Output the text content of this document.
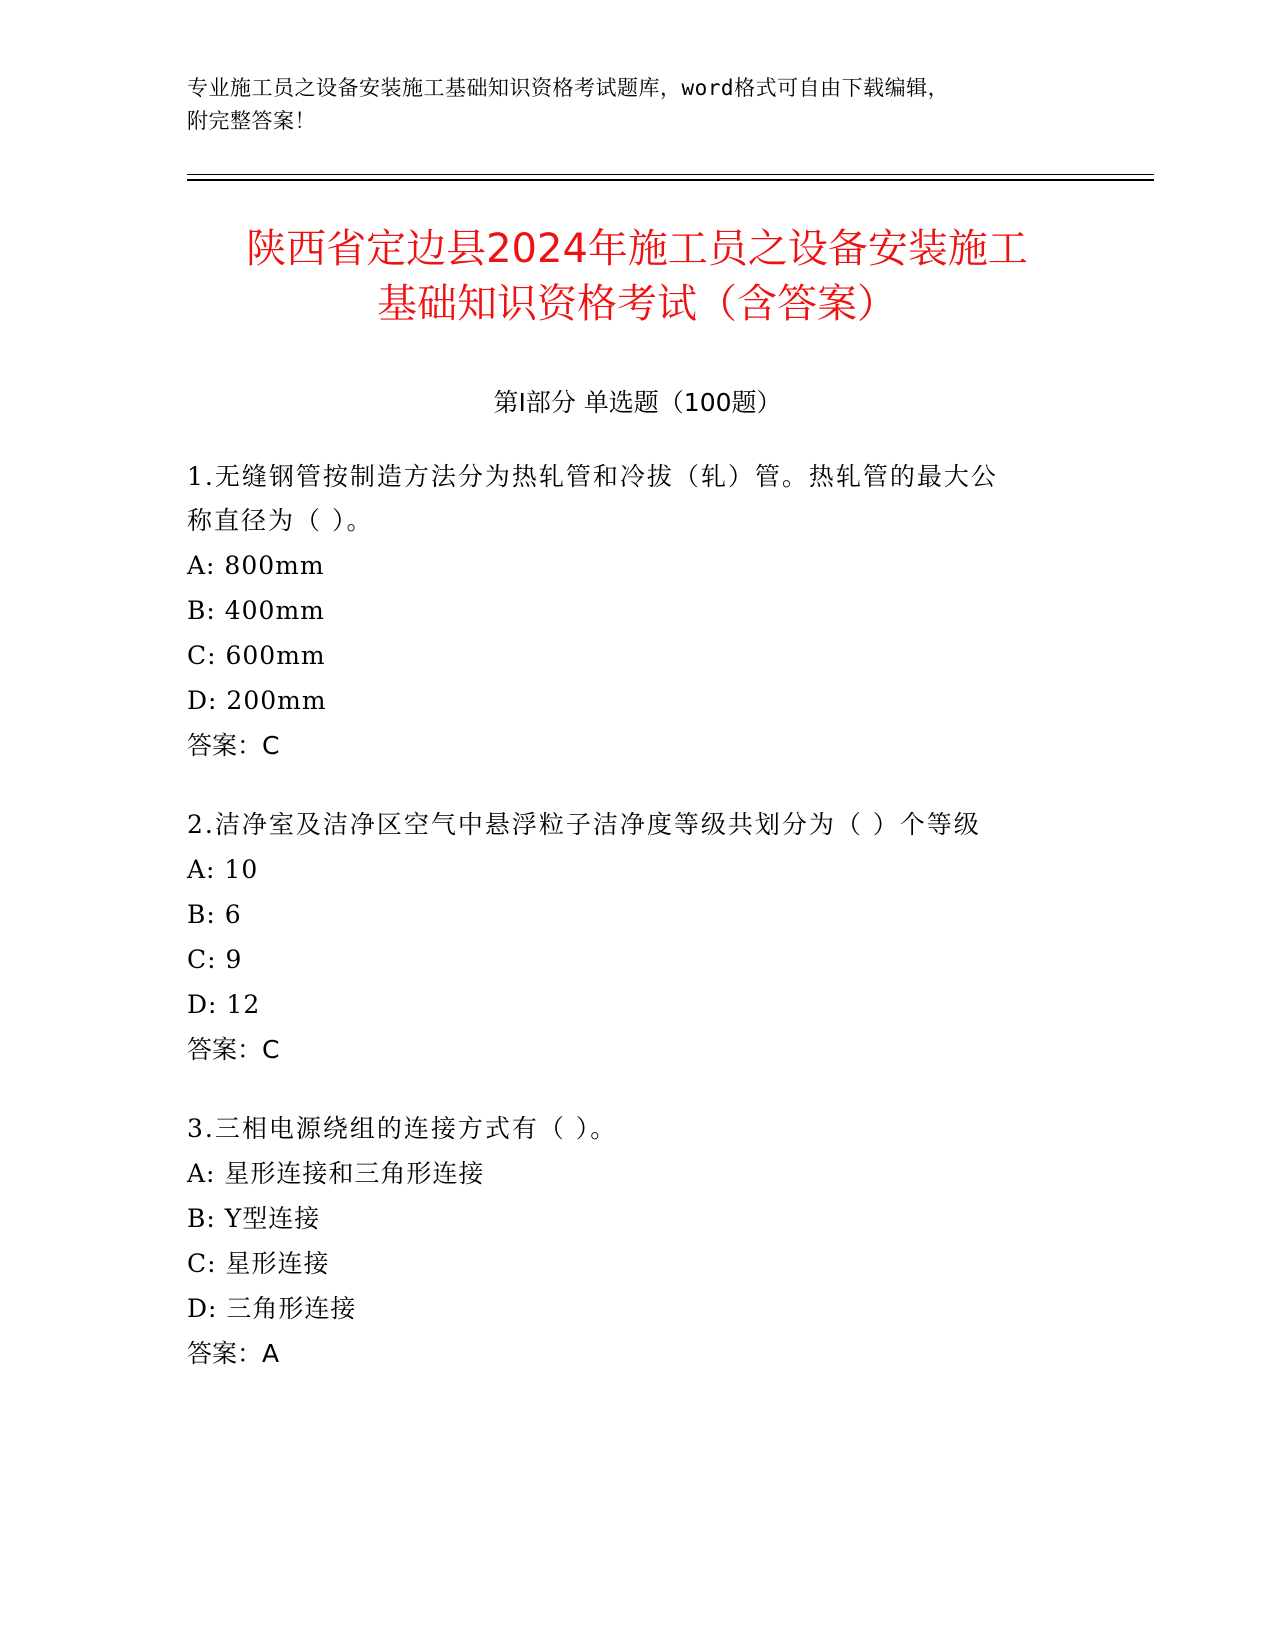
专业施工员之设备安装施工基础知识资格考试题库，word格式可自由下载编辑，
附完整答案！
陕西省定边县2024年施工员之设备安装施工
基础知识资格考试（含答案）
第Ⅰ部分 单选题（100题）
1.无缝钢管按制造方法分为热轧管和冷拔（轧）管。热轧管的最大公
称直径为（ ）。
A: 800mm
B: 400mm
C: 600mm
D: 200mm
答案：C
2.洁净室及洁净区空气中悬浮粒子洁净度等级共划分为（ ）个等级
A: 10
B: 6
C: 9
D: 12
答案：C
3.三相电源绕组的连接方式有（ ）。
A: 星形连接和三角形连接
B: Y型连接
C: 星形连接
D: 三角形连接
答案：A
